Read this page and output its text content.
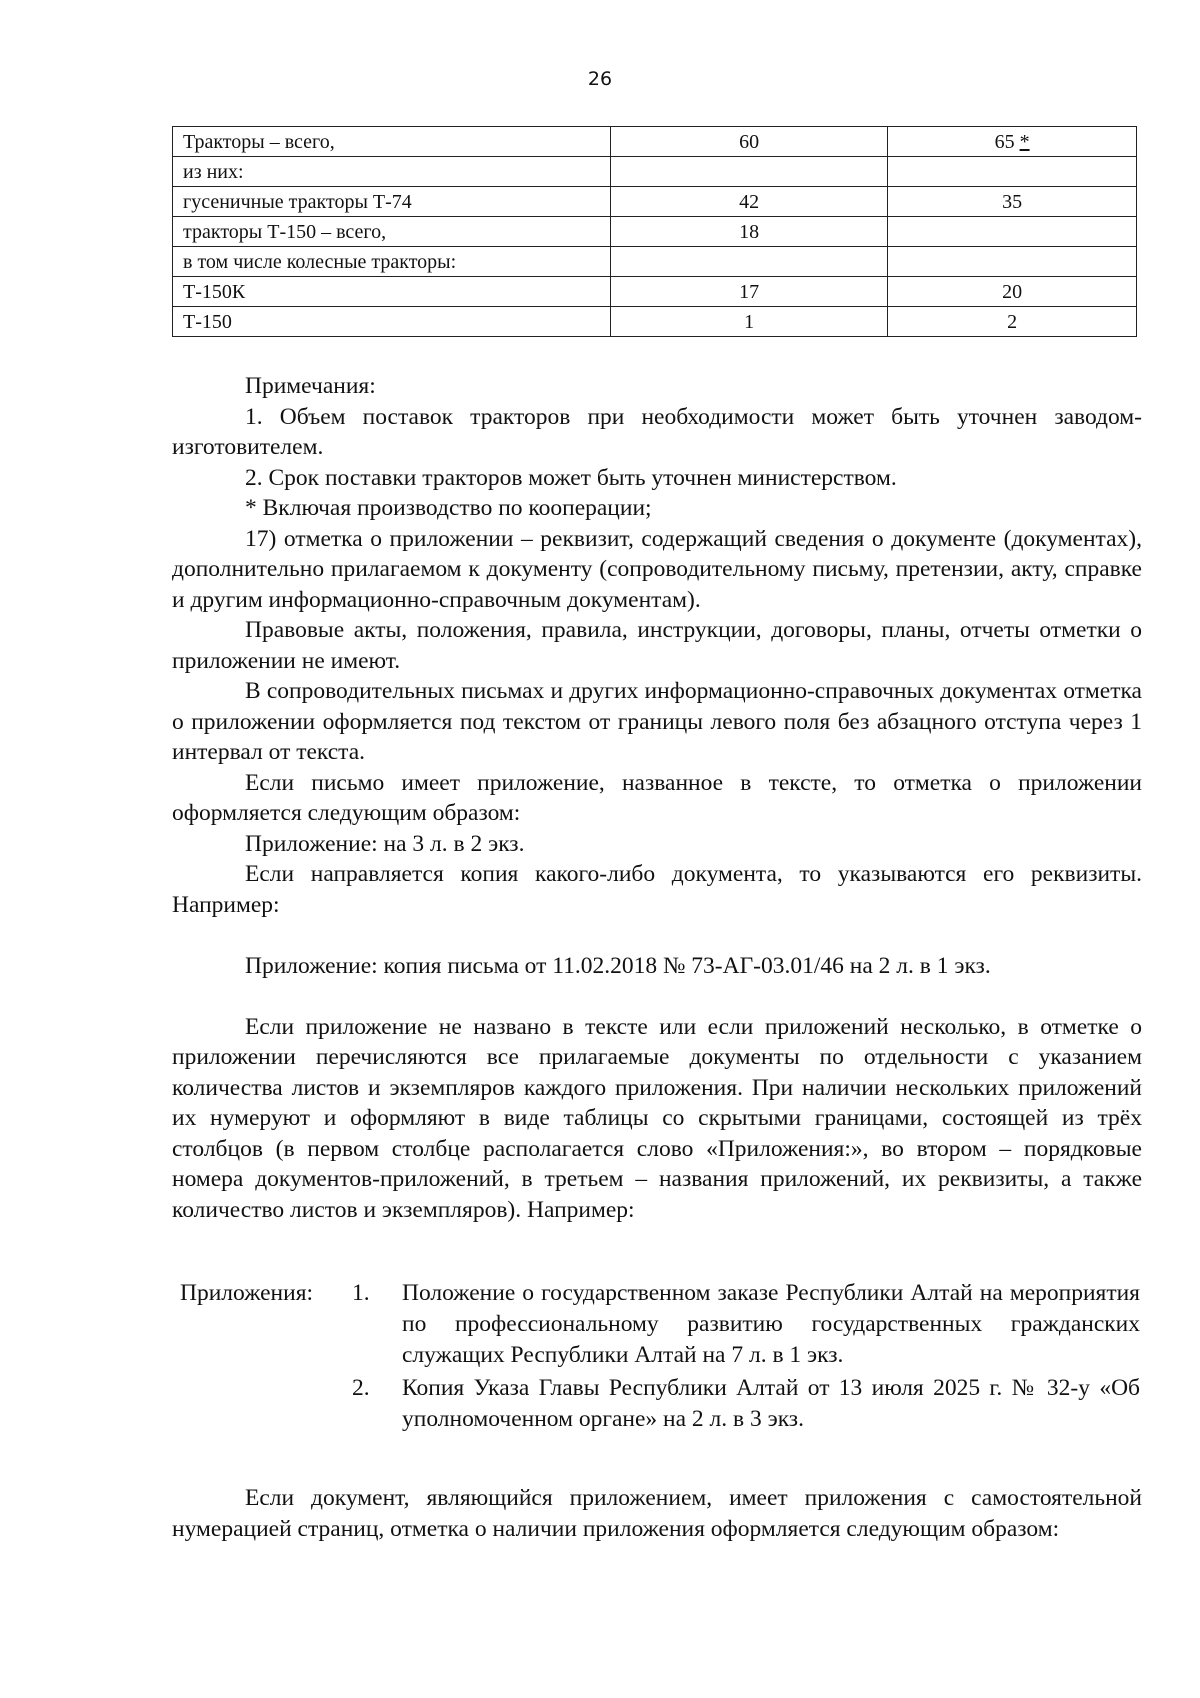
26
Тракторы – всего,	60	65 *
из них:		
гусеничные тракторы Т-74	42	35
тракторы Т-150 – всего,	18	
в том числе колесные тракторы:		
Т-150К	17	20
Т-150	1	2

Примечания:

1. Объем поставок тракторов при необходимости может быть уточнен заводом-изготовителем.

2. Срок поставки тракторов может быть уточнен министерством.

* Включая производство по кооперации;

17) отметка о приложении – реквизит, содержащий сведения о документе (документах), дополнительно прилагаемом к документу (сопроводительному письму, претензии, акту, справке и другим информационно-справочным документам).

Правовые акты, положения, правила, инструкции, договоры, планы, отчеты отметки о приложении не имеют.

В сопроводительных письмах и других информационно-справочных документах отметка о приложении оформляется под текстом от границы левого поля без абзацного отступа через 1 интервал от текста.

Если письмо имеет приложение, названное в тексте, то отметка о приложении оформляется следующим образом:

Приложение: на 3 л. в 2 экз.

Если направляется копия какого-либо документа, то указываются его реквизиты. Например:

Приложение: копия письма от 11.02.2018 № 73-АГ-03.01/46 на 2 л. в 1 экз.

Если приложение не названо в тексте или если приложений несколько, в отметке о приложении перечисляются все прилагаемые документы по отдельности с указанием количества листов и экземпляров каждого приложения. При наличии нескольких приложений их нумеруют и оформляют в виде таблицы со скрытыми границами, состоящей из трёх столбцов (в первом столбце располагается слово «Приложения:», во втором – порядковые номера документов-приложений, в третьем – названия приложений, их реквизиты, а также количество листов и экземпляров). Например:

Приложения:	1.	Положение о государственном заказе Республики Алтай на мероприятия по профессиональному развитию государственных гражданских служащих Республики Алтай на 7 л. в 1 экз.
	2.	Копия Указа Главы Республики Алтай от 13 июля 2025 г. № 32-у «Об уполномоченном органе» на 2 л. в 3 экз.

Если документ, являющийся приложением, имеет приложения с самостоятельной нумерацией страниц, отметка о наличии приложения оформляется следующим образом:
